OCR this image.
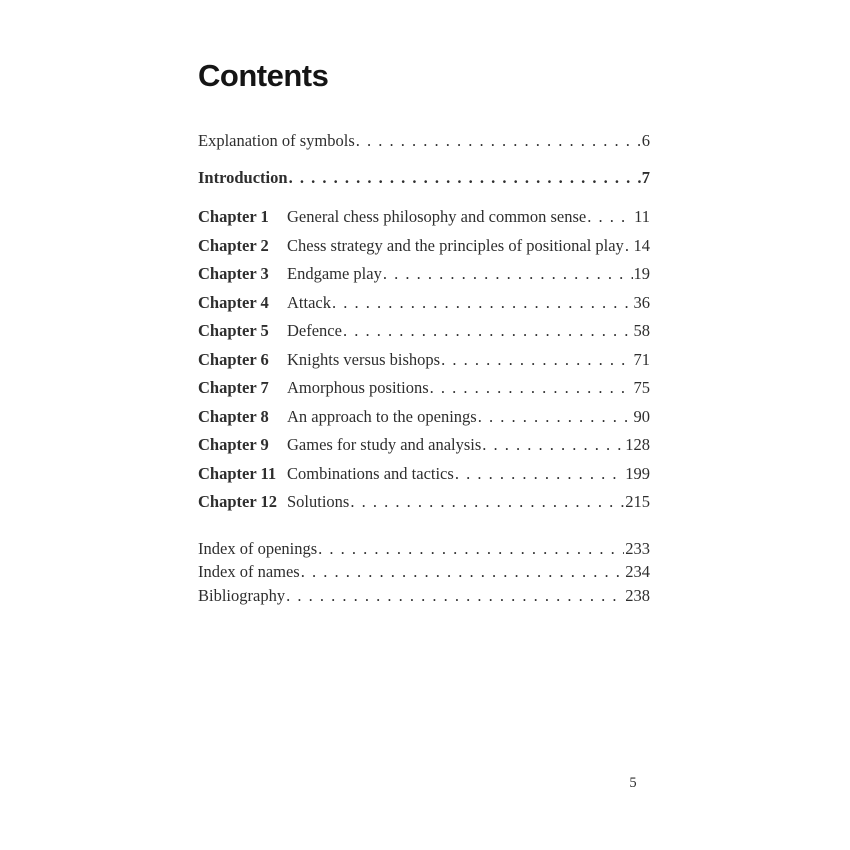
Contents
Explanation of symbols . . .	6
Introduction . . .	7
Chapter 1	General chess philosophy and common sense . . .	11
Chapter 2	Chess strategy and the principles of positional play . . . 14
Chapter 3	Endgame play . . .	19
Chapter 4	Attack . . .	36
Chapter 5	Defence . . .	58
Chapter 6	Knights versus bishops . . .	71
Chapter 7	Amorphous positions . . .	75
Chapter 8	An approach to the openings . . .	90
Chapter 9	Games for study and analysis . . .	128
Chapter 11 Combinations and tactics . . .	199
Chapter 12 Solutions . . .	215
Index of openings . . .	233
Index of names . . .	234
Bibliography . . .	238
5
